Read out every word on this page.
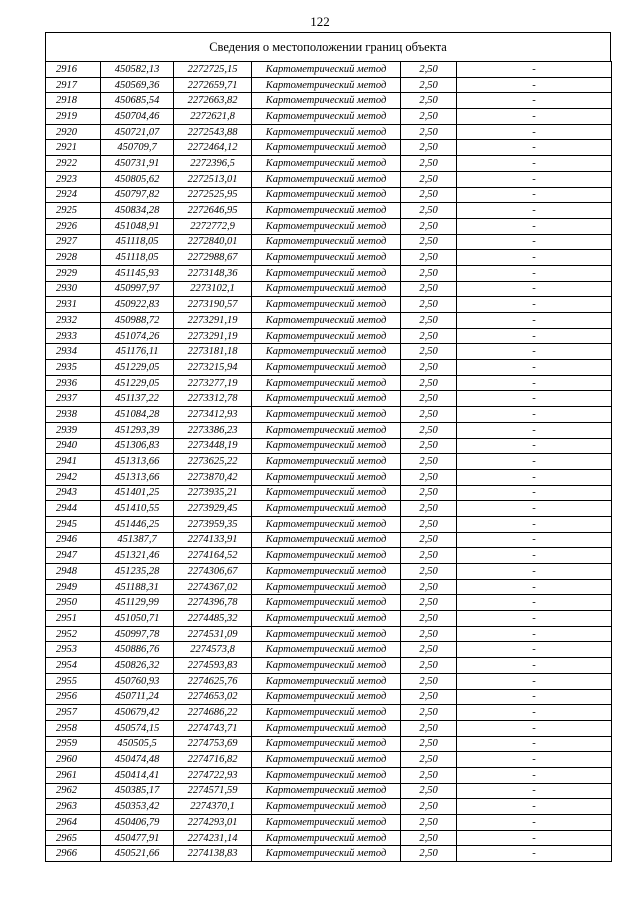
122
Сведения о местоположении границ объекта
2916	450582,13	2272725,15	Картометрический метод	2,50	-
2917	450569,36	2272659,71	Картометрический метод	2,50	-
2918	450685,54	2272663,82	Картометрический метод	2,50	-
2919	450704,46	2272621,8	Картометрический метод	2,50	-
2920	450721,07	2272543,88	Картометрический метод	2,50	-
2921	450709,7	2272464,12	Картометрический метод	2,50	-
2922	450731,91	2272396,5	Картометрический метод	2,50	-
2923	450805,62	2272513,01	Картометрический метод	2,50	-
2924	450797,82	2272525,95	Картометрический метод	2,50	-
2925	450834,28	2272646,95	Картометрический метод	2,50	-
2926	451048,91	2272772,9	Картометрический метод	2,50	-
2927	451118,05	2272840,01	Картометрический метод	2,50	-
2928	451118,05	2272988,67	Картометрический метод	2,50	-
2929	451145,93	2273148,36	Картометрический метод	2,50	-
2930	450997,97	2273102,1	Картометрический метод	2,50	-
2931	450922,83	2273190,57	Картометрический метод	2,50	-
2932	450988,72	2273291,19	Картометрический метод	2,50	-
2933	451074,26	2273291,19	Картометрический метод	2,50	-
2934	451176,11	2273181,18	Картометрический метод	2,50	-
2935	451229,05	2273215,94	Картометрический метод	2,50	-
2936	451229,05	2273277,19	Картометрический метод	2,50	-
2937	451137,22	2273312,78	Картометрический метод	2,50	-
2938	451084,28	2273412,93	Картометрический метод	2,50	-
2939	451293,39	2273386,23	Картометрический метод	2,50	-
2940	451306,83	2273448,19	Картометрический метод	2,50	-
2941	451313,66	2273625,22	Картометрический метод	2,50	-
2942	451313,66	2273870,42	Картометрический метод	2,50	-
2943	451401,25	2273935,21	Картометрический метод	2,50	-
2944	451410,55	2273929,45	Картометрический метод	2,50	-
2945	451446,25	2273959,35	Картометрический метод	2,50	-
2946	451387,7	2274133,91	Картометрический метод	2,50	-
2947	451321,46	2274164,52	Картометрический метод	2,50	-
2948	451235,28	2274306,67	Картометрический метод	2,50	-
2949	451188,31	2274367,02	Картометрический метод	2,50	-
2950	451129,99	2274396,78	Картометрический метод	2,50	-
2951	451050,71	2274485,32	Картометрический метод	2,50	-
2952	450997,78	2274531,09	Картометрический метод	2,50	-
2953	450886,76	2274573,8	Картометрический метод	2,50	-
2954	450826,32	2274593,83	Картометрический метод	2,50	-
2955	450760,93	2274625,76	Картометрический метод	2,50	-
2956	450711,24	2274653,02	Картометрический метод	2,50	-
2957	450679,42	2274686,22	Картометрический метод	2,50	-
2958	450574,15	2274743,71	Картометрический метод	2,50	-
2959	450505,5	2274753,69	Картометрический метод	2,50	-
2960	450474,48	2274716,82	Картометрический метод	2,50	-
2961	450414,41	2274722,93	Картометрический метод	2,50	-
2962	450385,17	2274571,59	Картометрический метод	2,50	-
2963	450353,42	2274370,1	Картометрический метод	2,50	-
2964	450406,79	2274293,01	Картометрический метод	2,50	-
2965	450477,91	2274231,14	Картометрический метод	2,50	-
2966	450521,66	2274138,83	Картометрический метод	2,50	-
